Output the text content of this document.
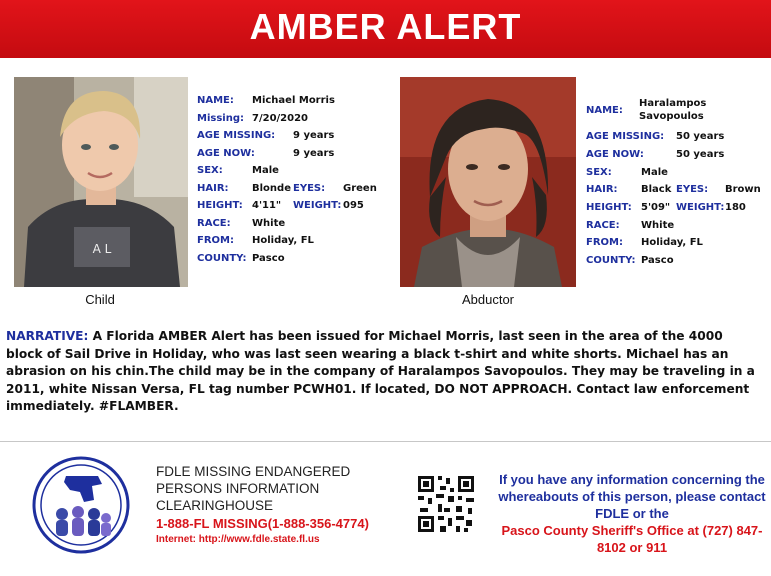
AMBER ALERT
A L
Child
NAME: Michael Morris
Missing: 7/20/2020
AGE MISSING: 9 years
AGE NOW:	9 years
SEX:	Male
HAIR: Blonde EYES: Green
HEIGHT: 4'11" WEIGHT: 095
RACE: White
FROM: Holiday, FL
COUNTY: Pasco
Abductor
NAME:
Haralampos
Savopoulos
AGE MISSING: 50 years
AGE NOW:	50 years
SEX:	Male
HAIR: Black EYES: Brown
HEIGHT: 5'09" WEIGHT: 180
RACE: White
FROM: Holiday, FL
COUNTY: Pasco
NARRATIVE: A Florida AMBER Alert has been issued for Michael Morris, last seen in the area of the 4000 block of Sail Drive in Holiday, who was last seen wearing a black t-shirt and white shorts. Michael has an abrasion on his chin.The child may be in the company of Haralampos Savopoulos. They may be traveling in a 2011, white Nissan Versa, FL tag number PCWH01. If located, DO NOT APPROACH. Contact law enforcement immediately. #FLAMBER.
FDLE MISSING ENDANGERED
PERSONS INFORMATION
CLEARINGHOUSE
1-888-FL MISSING(1-888-356-4774)
Internet: http://www.fdle.state.fl.us
If you have any information concerning the whereabouts of this person, please contact FDLE or the
Pasco County Sheriff's Office at (727) 847-8102 or 911
